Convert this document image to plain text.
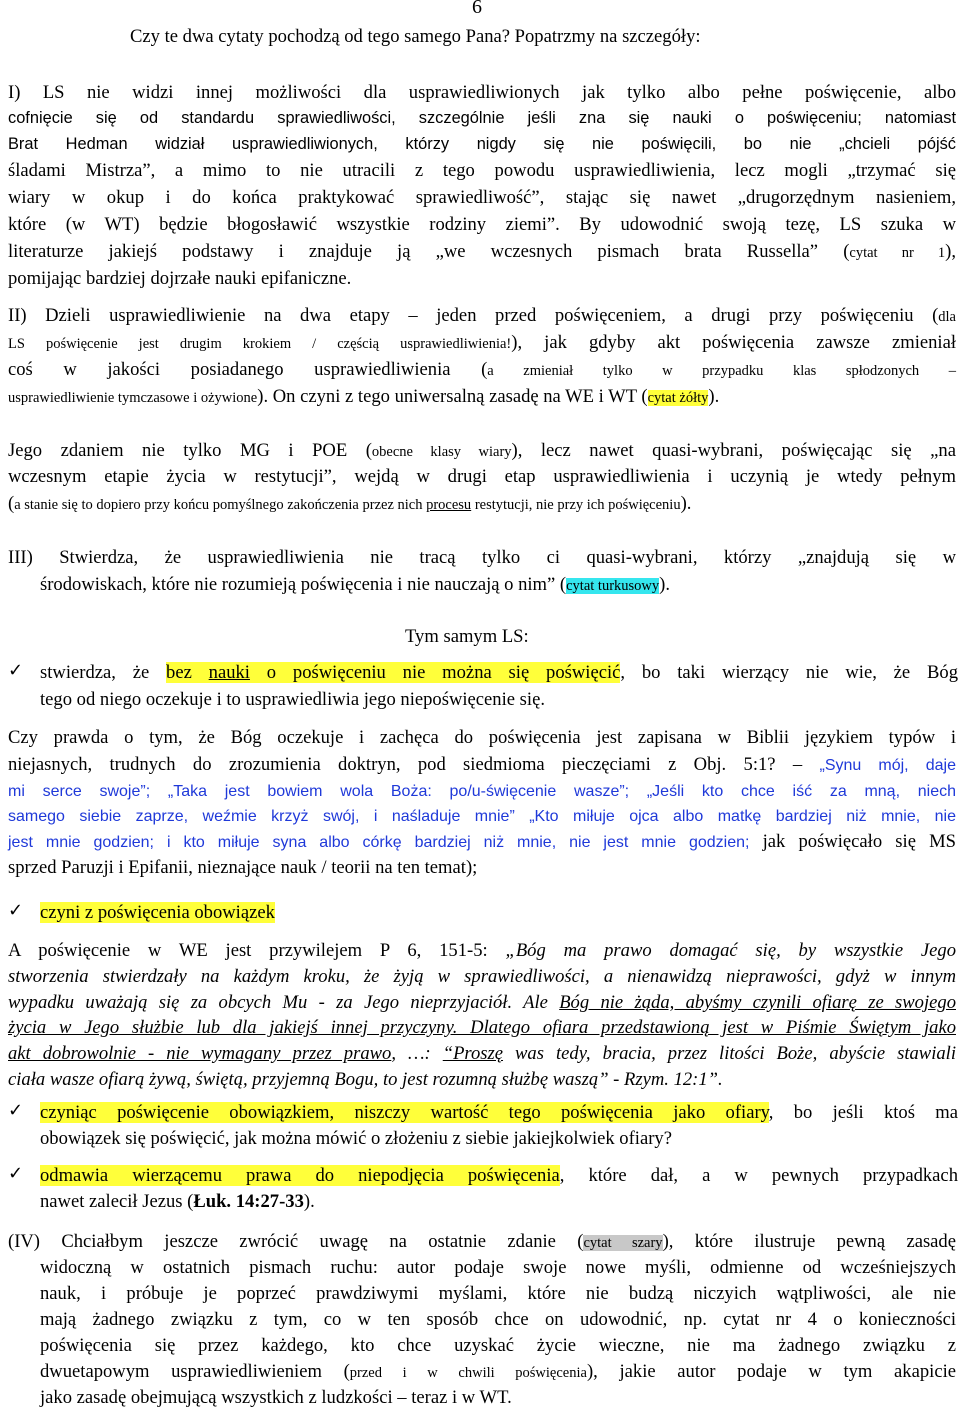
6
Czy te dwa cytaty pochodzą od tego samego Pana? Popatrzmy na szczegóły:
I) LS nie widzi innej możliwości dla usprawiedliwionych jak tylko albo pełne poświęcenie, albo
cofnięcie się od standardu sprawiedliwości, szczególnie jeśli zna się nauki o poświęceniu; natomiast
Brat Hedman widział usprawiedliwionych, którzy nigdy się nie poświęcili, bo nie „chcieli pójść
śladami Mistrza”, a mimo to nie utracili z tego powodu usprawiedliwienia, lecz mogli „trzymać się
wiary w okup i do końca praktykować sprawiedliwość”, stając się nawet „drugorzędnym nasieniem,
które (w WT) będzie błogosławić wszystkie rodziny ziemi”. By udowodnić swoją tezę, LS szuka w
literaturze jakiejś podstawy i znajduje ją „we wczesnych pismach brata Russella” (cytat nr 1),
pomijając bardziej dojrzałe nauki epifaniczne.
II) Dzieli usprawiedliwienie na dwa etapy – jeden przed poświęceniem, a drugi przy poświęceniu (dla
LS poświęcenie jest drugim krokiem / częścią usprawiedliwienia!), jak gdyby akt poświęcenia zawsze zmieniał
coś w jakości posiadanego usprawiedliwienia (a zmieniał tylko w przypadku klas spłodzonych –
usprawiedliwienie tymczasowe i ożywione). On czyni z tego uniwersalną zasadę na WE i WT (cytat żółty).
Jego zdaniem nie tylko MG i POE (obecne klasy wiary), lecz nawet quasi-wybrani, poświęcając się „na
wczesnym etapie życia w restytucji”, wejdą w drugi etap usprawiedliwienia i uczynią je wtedy pełnym
(a stanie się to dopiero przy końcu pomyślnego zakończenia przez nich procesu restytucji, nie przy ich poświęceniu).
III) Stwierdza, że usprawiedliwienia nie tracą tylko ci quasi-wybrani, którzy „znajdują się w
środowiskach, które nie rozumieją poświęcenia i nie nauczają o nim” (cytat turkusowy).
Tym samym LS:
✓ stwierdza, że bez nauki o poświęceniu nie można się poświęcić, bo taki wierzący nie wie, że Bóg
tego od niego oczekuje i to usprawiedliwia jego niepoświęcenie się.
Czy prawda o tym, że Bóg oczekuje i zachęca do poświęcenia jest zapisana w Biblii językiem typów i
niejasnych, trudnych do zrozumienia doktryn, pod siedmioma pieczęciami z Obj. 5:1? – „Synu mój, daje
mi serce swoje”; „Taka jest bowiem wola Boża: po/u-święcenie wasze”; „Jeśli kto chce iść za mną, niech
samego siebie zaprze, weźmie krzyż swój, i naśladuje mnie” „Kto miłuje ojca albo matkę bardziej niż mnie, nie
jest mnie godzien; i kto miłuje syna albo córkę bardziej niż mnie, nie jest mnie godzien; jak poświęcało się MS
sprzed Paruzji i Epifanii, nieznające nauk / teorii na ten temat);
✓ czyni z poświęcenia obowiązek
A poświęcenie w WE jest przywilejem P 6, 151-5: „Bóg ma prawo domagać się, by wszystkie Jego
stworzenia stwierdzały na każdym kroku, że żyją w sprawiedliwości, a nienawidzą nieprawości, gdyż w innym
wypadku uważają się za obcych Mu - za Jego nieprzyjaciół. Ale Bóg nie żąda, abyśmy czynili ofiarę ze swojego
życia w Jego służbie lub dla jakiejś innej przyczyny. Dlatego ofiara przedstawioną jest w Piśmie Świętym jako
akt dobrowolnie - nie wymagany przez prawo, …: “Proszę was tedy, bracia, przez litości Boże, abyście stawiali
ciała wasze ofiarą żywą, świętą, przyjemną Bogu, to jest rozumną służbę waszą” - Rzym. 12:1”.
✓ czyniąc poświęcenie obowiązkiem, niszczy wartość tego poświęcenia jako ofiary, bo jeśli ktoś ma
obowiązek się poświęcić, jak można mówić o złożeniu z siebie jakiejkolwiek ofiary?
✓ odmawia wierzącemu prawa do niepodjęcia poświęcenia, które dał, a w pewnych przypadkach
nawet zalecił Jezus (Łuk. 14:27-33).
(IV) Chciałbym jeszcze zwrócić uwagę na ostatnie zdanie (cytat szary), które ilustruje pewną zasadę
widoczną w ostatnich pismach ruchu: autor podaje swoje nowe myśli, odmienne od wcześniejszych
nauk, i próbuje je poprzeć prawdziwymi myślami, które nie budzą niczyich wątpliwości, ale nie
mają żadnego związku z tym, co w ten sposób chce on udowodnić, np. cytat nr 4 o konieczności
poświęcenia się przez każdego, kto chce uzyskać życie wieczne, nie ma żadnego związku z
dwuetapowym usprawiedliwieniem (przed i w chwili poświęcenia), jakie autor podaje w tym akapicie
jako zasadę obejmującą wszystkich z ludzkości – teraz i w WT.
